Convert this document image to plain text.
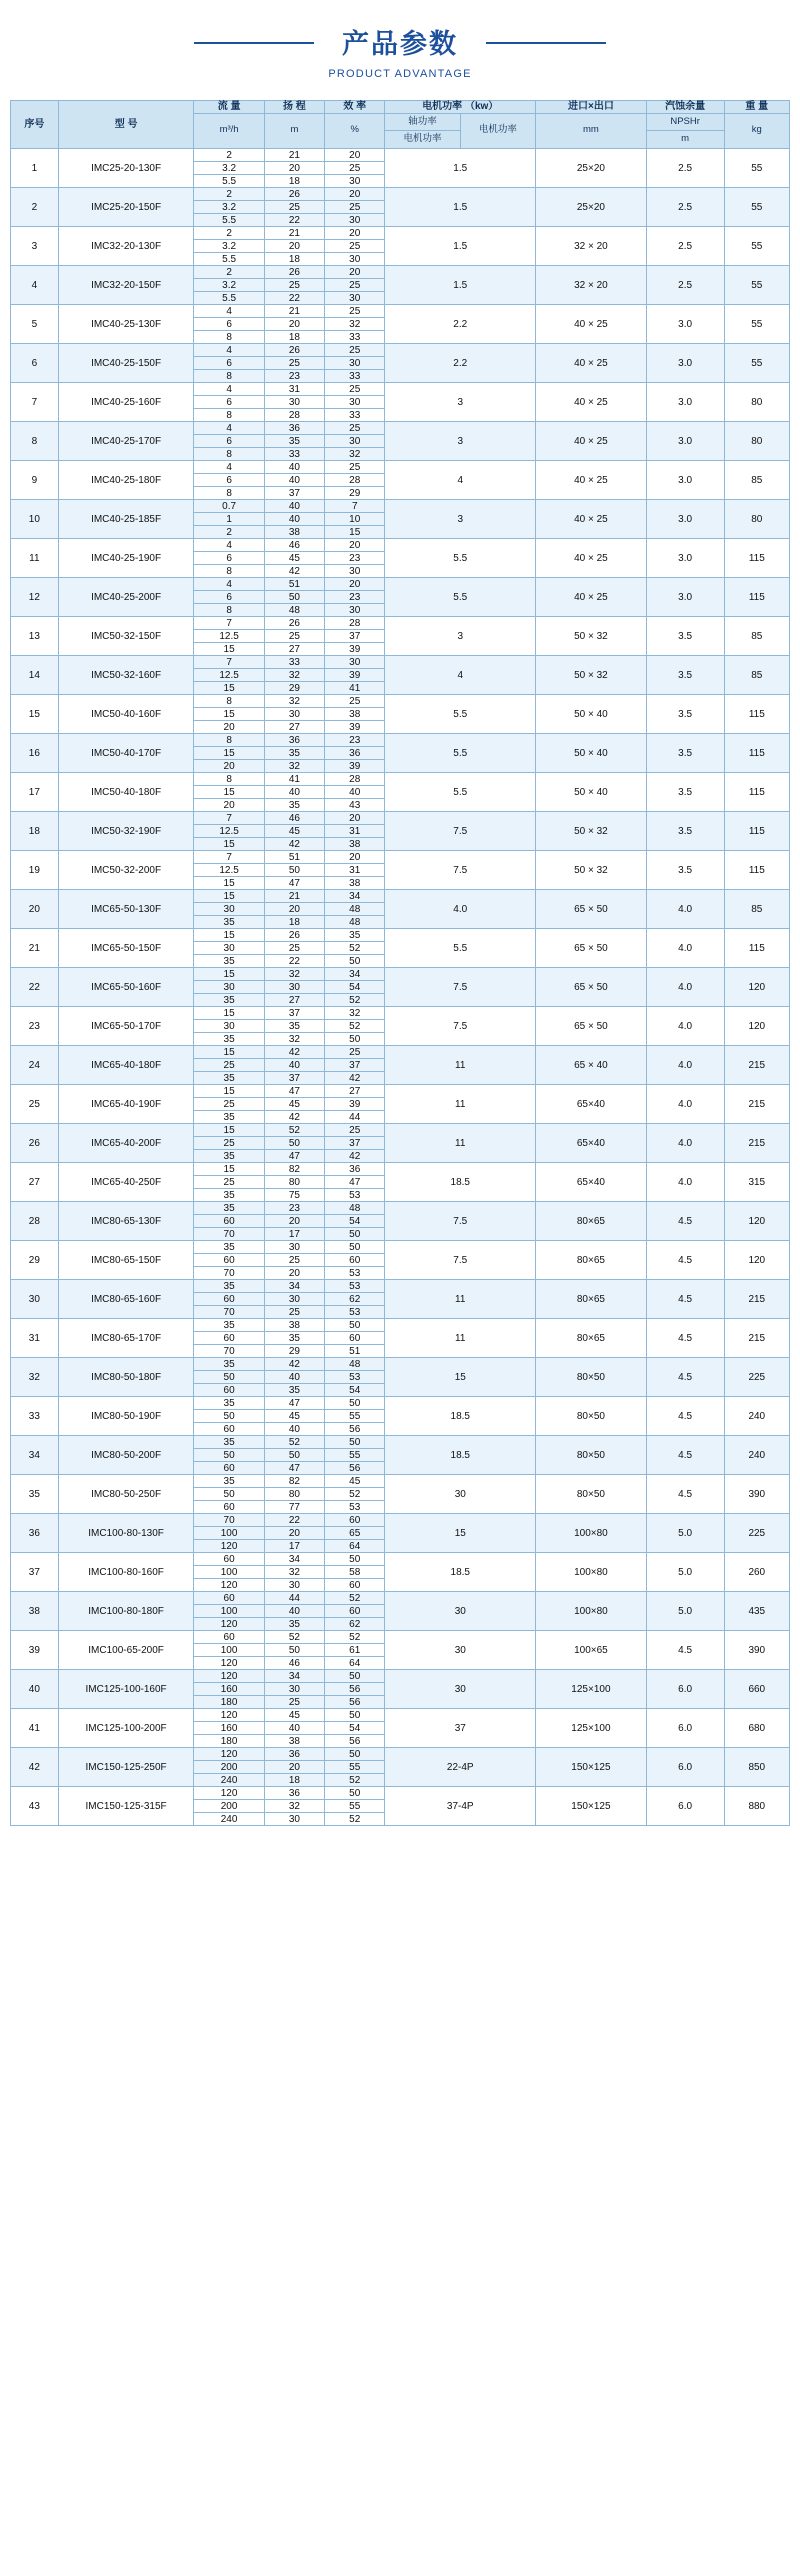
产品参数
PRODUCT ADVANTAGE
序号	型 号	流 量	扬 程	效 率	电机功率 （kw）		进口×出口	汽蚀余量	重 量
		m³/h	m	%	轴功率	电机功率	mm	NPSHr	kg
					电机功率			m	
1	IMC25-20-130F	2	21	20	1.5		25×20	2.5	55
		3.2	20	25					
		5.5	18	30					
2	IMC25-20-150F	2	26	20	1.5		25×20	2.5	55
		3.2	25	25					
		5.5	22	30					
3	IMC32-20-130F	2	21	20	1.5		32 × 20	2.5	55
		3.2	20	25					
		5.5	18	30					
4	IMC32-20-150F	2	26	20	1.5		32 × 20	2.5	55
		3.2	25	25					
		5.5	22	30					
5	IMC40-25-130F	4	21	25	2.2		40 × 25	3.0	55
		6	20	32					
		8	18	33					
6	IMC40-25-150F	4	26	25	2.2		40 × 25	3.0	55
		6	25	30					
		8	23	33					
7	IMC40-25-160F	4	31	25	3		40 × 25	3.0	80
		6	30	30					
		8	28	33					
8	IMC40-25-170F	4	36	25	3		40 × 25	3.0	80
		6	35	30					
		8	33	32					
9	IMC40-25-180F	4	40	25	4		40 × 25	3.0	85
		6	40	28					
		8	37	29					
10	IMC40-25-185F	0.7	40	7	3		40 × 25	3.0	80
		1	40	10					
		2	38	15					
11	IMC40-25-190F	4	46	20	5.5		40 × 25	3.0	115
		6	45	23					
		8	42	30					
12	IMC40-25-200F	4	51	20	5.5		40 × 25	3.0	115
		6	50	23					
		8	48	30					
13	IMC50-32-150F	7	26	28	3		50 × 32	3.5	85
		12.5	25	37					
		15	27	39					
14	IMC50-32-160F	7	33	30	4		50 × 32	3.5	85
		12.5	32	39					
		15	29	41					
15	IMC50-40-160F	8	32	25	5.5		50 × 40	3.5	115
		15	30	38					
		20	27	39					
16	IMC50-40-170F	8	36	23	5.5		50 × 40	3.5	115
		15	35	36					
		20	32	39					
17	IMC50-40-180F	8	41	28	5.5		50 × 40	3.5	115
		15	40	40					
		20	35	43					
18	IMC50-32-190F	7	46	20	7.5		50 × 32	3.5	115
		12.5	45	31					
		15	42	38					
19	IMC50-32-200F	7	51	20	7.5		50 × 32	3.5	115
		12.5	50	31					
		15	47	38					
20	IMC65-50-130F	15	21	34	4.0		65 × 50	4.0	85
		30	20	48					
		35	18	48					
21	IMC65-50-150F	15	26	35	5.5		65 × 50	4.0	115
		30	25	52					
		35	22	50					
22	IMC65-50-160F	15	32	34	7.5		65 × 50	4.0	120
		30	30	54					
		35	27	52					
23	IMC65-50-170F	15	37	32	7.5		65 × 50	4.0	120
		30	35	52					
		35	32	50					
24	IMC65-40-180F	15	42	25	11		65 × 40	4.0	215
		25	40	37					
		35	37	42					
25	IMC65-40-190F	15	47	27	11		65×40	4.0	215
		25	45	39					
		35	42	44					
26	IMC65-40-200F	15	52	25	11		65×40	4.0	215
		25	50	37					
		35	47	42					
27	IMC65-40-250F	15	82	36	18.5		65×40	4.0	315
		25	80	47					
		35	75	53					
28	IMC80-65-130F	35	23	48	7.5		80×65	4.5	120
		60	20	54					
		70	17	50					
29	IMC80-65-150F	35	30	50	7.5		80×65	4.5	120
		60	25	60					
		70	20	53					
30	IMC80-65-160F	35	34	53	11		80×65	4.5	215
		60	30	62					
		70	25	53					
31	IMC80-65-170F	35	38	50	11		80×65	4.5	215
		60	35	60					
		70	29	51					
32	IMC80-50-180F	35	42	48	15		80×50	4.5	225
		50	40	53					
		60	35	54					
33	IMC80-50-190F	35	47	50	18.5		80×50	4.5	240
		50	45	55					
		60	40	56					
34	IMC80-50-200F	35	52	50	18.5		80×50	4.5	240
		50	50	55					
		60	47	56					
35	IMC80-50-250F	35	82	45	30		80×50	4.5	390
		50	80	52					
		60	77	53					
36	IMC100-80-130F	70	22	60	15		100×80	5.0	225
		100	20	65					
		120	17	64					
37	IMC100-80-160F	60	34	50	18.5		100×80	5.0	260
		100	32	58					
		120	30	60					
38	IMC100-80-180F	60	44	52	30		100×80	5.0	435
		100	40	60					
		120	35	62					
39	IMC100-65-200F	60	52	52	30		100×65	4.5	390
		100	50	61					
		120	46	64					
40	IMC125-100-160F	120	34	50	30		125×100	6.0	660
		160	30	56					
		180	25	56					
41	IMC125-100-200F	120	45	50	37		125×100	6.0	680
		160	40	54					
		180	38	56					
42	IMC150-125-250F	120	36	50	22-4P		150×125	6.0	850
		200	20	55					
		240	18	52					
43	IMC150-125-315F	120	36	50	37-4P		150×125	6.0	880
		200	32	55					
		240	30	52					
